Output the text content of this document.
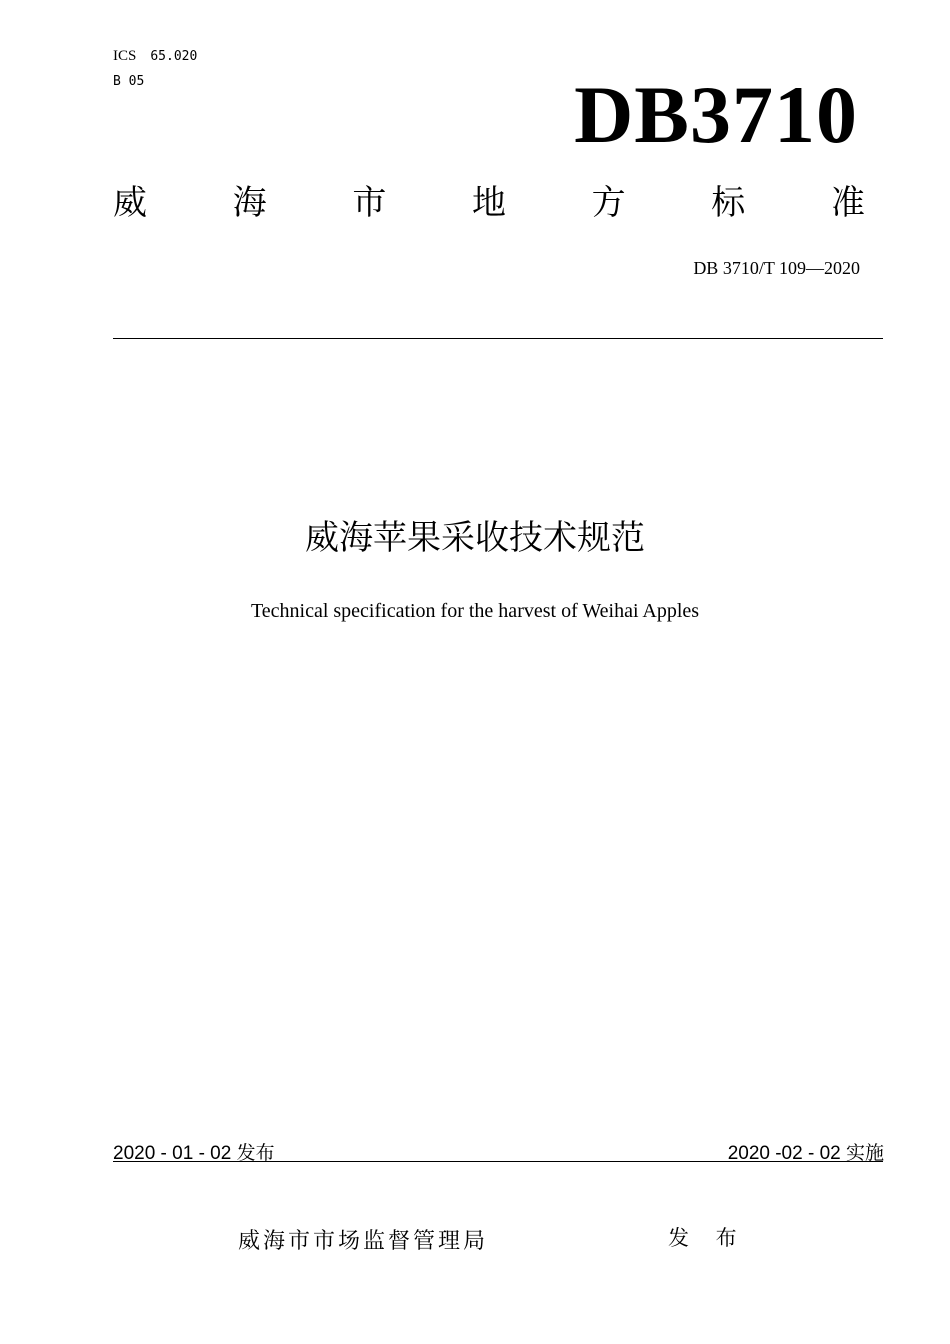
ICS 65.020
B 05	DB3710
威	海	市	地	方	标	准
DB 3710/T 109—2020
威海苹果采收技术规范
Technical specification for the harvest of Weihai Apples
2020 - 01 - 02 发布	2020 -02 - 02 实施
威海市市场监督管理局	发 布
